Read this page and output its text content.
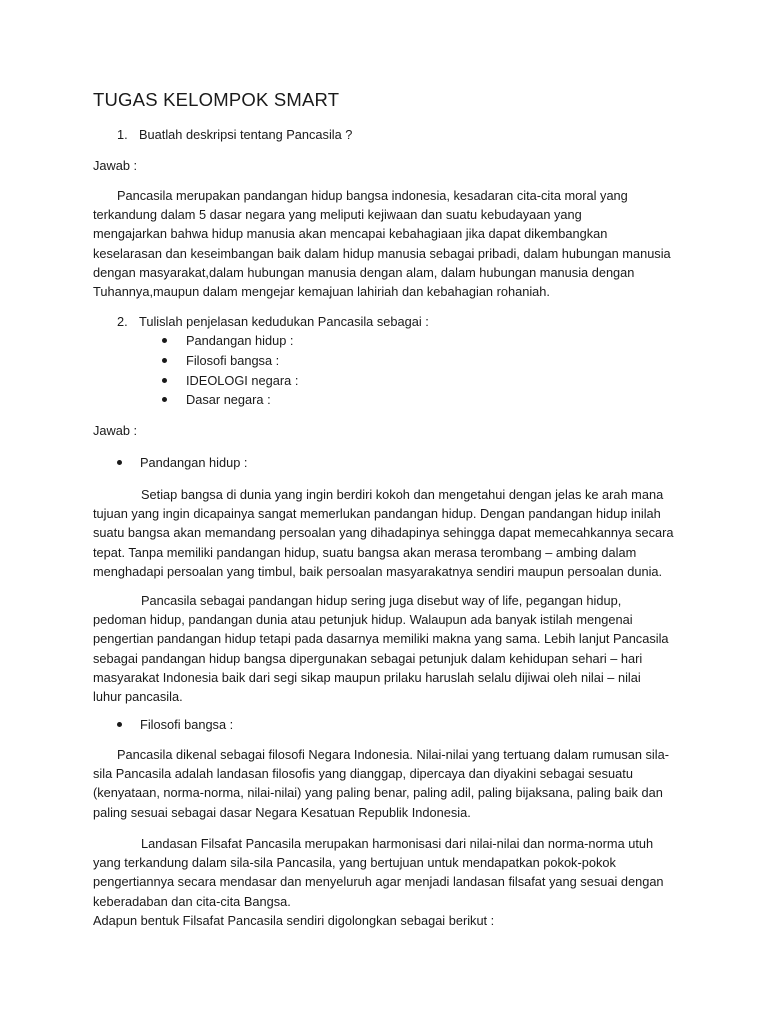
TUGAS KELOMPOK SMART
1. Buatlah deskripsi tentang Pancasila ?
Jawab :

Pancasila merupakan pandangan hidup bangsa indonesia, kesadaran cita-cita moral yang
terkandung dalam 5 dasar negara yang meliputi kejiwaan dan suatu kebudayaan yang
mengajarkan bahwa hidup manusia akan mencapai kebahagiaan jika dapat dikembangkan
keselarasan dan keseimbangan baik dalam hidup manusia sebagai pribadi, dalam hubungan manusia
dengan masyarakat,dalam hubungan manusia dengan alam, dalam hubungan manusia dengan
Tuhannya,maupun dalam mengejar kemajuan lahiriah dan kebahagian rohaniah.

2. Tulislah penjelasan kedudukan Pancasila sebagai :
Pandangan hidup :
Filosofi bangsa :
IDEOLOGI negara :
Dasar negara :
Jawab :
Pandangan hidup :

Setiap bangsa di dunia yang ingin berdiri kokoh dan mengetahui dengan jelas ke arah mana
tujuan yang ingin dicapainya sangat memerlukan pandangan hidup. Dengan pandangan hidup inilah
suatu bangsa akan memandang persoalan yang dihadapinya sehingga dapat memecahkannya secara
tepat. Tanpa memiliki pandangan hidup, suatu bangsa akan merasa terombang – ambing dalam
menghadapi persoalan yang timbul, baik persoalan masyarakatnya sendiri maupun persoalan dunia.

Pancasila sebagai pandangan hidup sering juga disebut way of life, pegangan hidup,
pedoman hidup, pandangan dunia atau petunjuk hidup. Walaupun ada banyak istilah mengenai
pengertian pandangan hidup tetapi pada dasarnya memiliki makna yang sama. Lebih lanjut Pancasila
sebagai pandangan hidup bangsa dipergunakan sebagai petunjuk dalam kehidupan sehari – hari
masyarakat Indonesia baik dari segi sikap maupun prilaku haruslah selalu dijiwai oleh nilai – nilai
luhur pancasila.

Filosofi bangsa :

Pancasila dikenal sebagai filosofi Negara Indonesia. Nilai-nilai yang tertuang dalam rumusan sila-
sila Pancasila adalah landasan filosofis yang dianggap, dipercaya dan diyakini sebagai sesuatu
(kenyataan, norma-norma, nilai-nilai) yang paling benar, paling adil, paling bijaksana, paling baik dan
paling sesuai sebagai dasar Negara Kesatuan Republik Indonesia.

Landasan Filsafat Pancasila merupakan harmonisasi dari nilai-nilai dan norma-norma utuh
yang terkandung dalam sila-sila Pancasila, yang bertujuan untuk mendapatkan pokok-pokok
pengertiannya secara mendasar dan menyeluruh agar menjadi landasan filsafat yang sesuai dengan
keberadaban dan cita-cita Bangsa.
Adapun bentuk Filsafat Pancasila sendiri digolongkan sebagai berikut :
